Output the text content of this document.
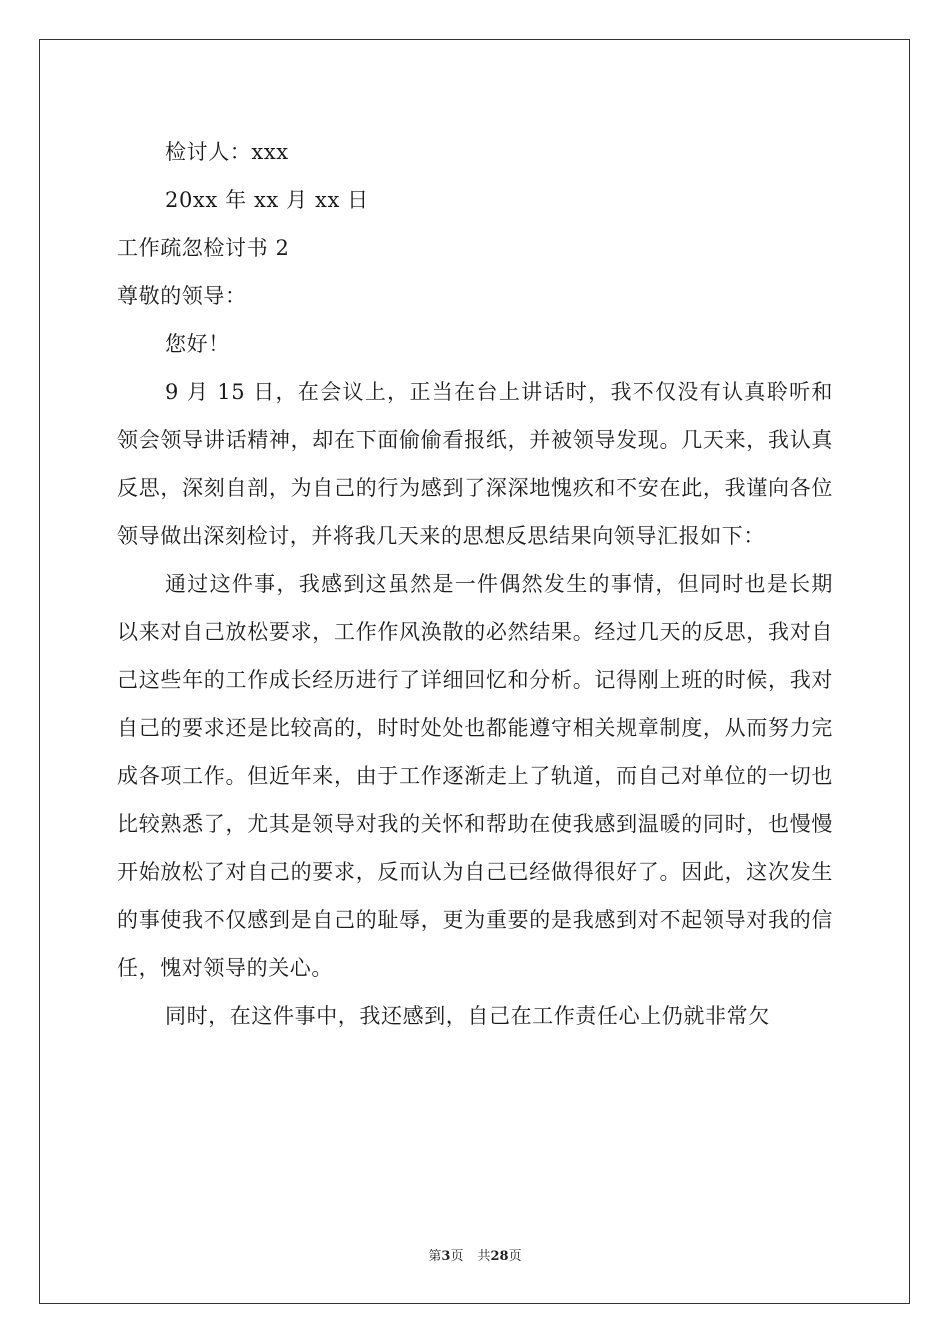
检讨人：xxx

20xx 年 xx 月 xx 日

工作疏忽检讨书 2

尊敬的领导：

您好！

9 月 15 日，在会议上，正当在台上讲话时，我不仅没有认真聆听和领会领导讲话精神，却在下面偷偷看报纸，并被领导发现。几天来，我认真反思，深刻自剖，为自己的行为感到了深深地愧疚和不安在此，我谨向各位领导做出深刻检讨，并将我几天来的思想反思结果向领导汇报如下：

通过这件事，我感到这虽然是一件偶然发生的事情，但同时也是长期以来对自己放松要求，工作作风涣散的必然结果。经过几天的反思，我对自己这些年的工作成长经历进行了详细回忆和分析。记得刚上班的时候，我对自己的要求还是比较高的，时时处处也都能遵守相关规章制度，从而努力完成各项工作。但近年来，由于工作逐渐走上了轨道，而自己对单位的一切也比较熟悉了，尤其是领导对我的关怀和帮助在使我感到温暖的同时，也慢慢开始放松了对自己的要求，反而认为自己已经做得很好了。因此，这次发生的事使我不仅感到是自己的耻辱，更为重要的是我感到对不起领导对我的信任，愧对领导的关心。

同时，在这件事中，我还感到，自己在工作责任心上仍就非常欠

第3页 共28页
